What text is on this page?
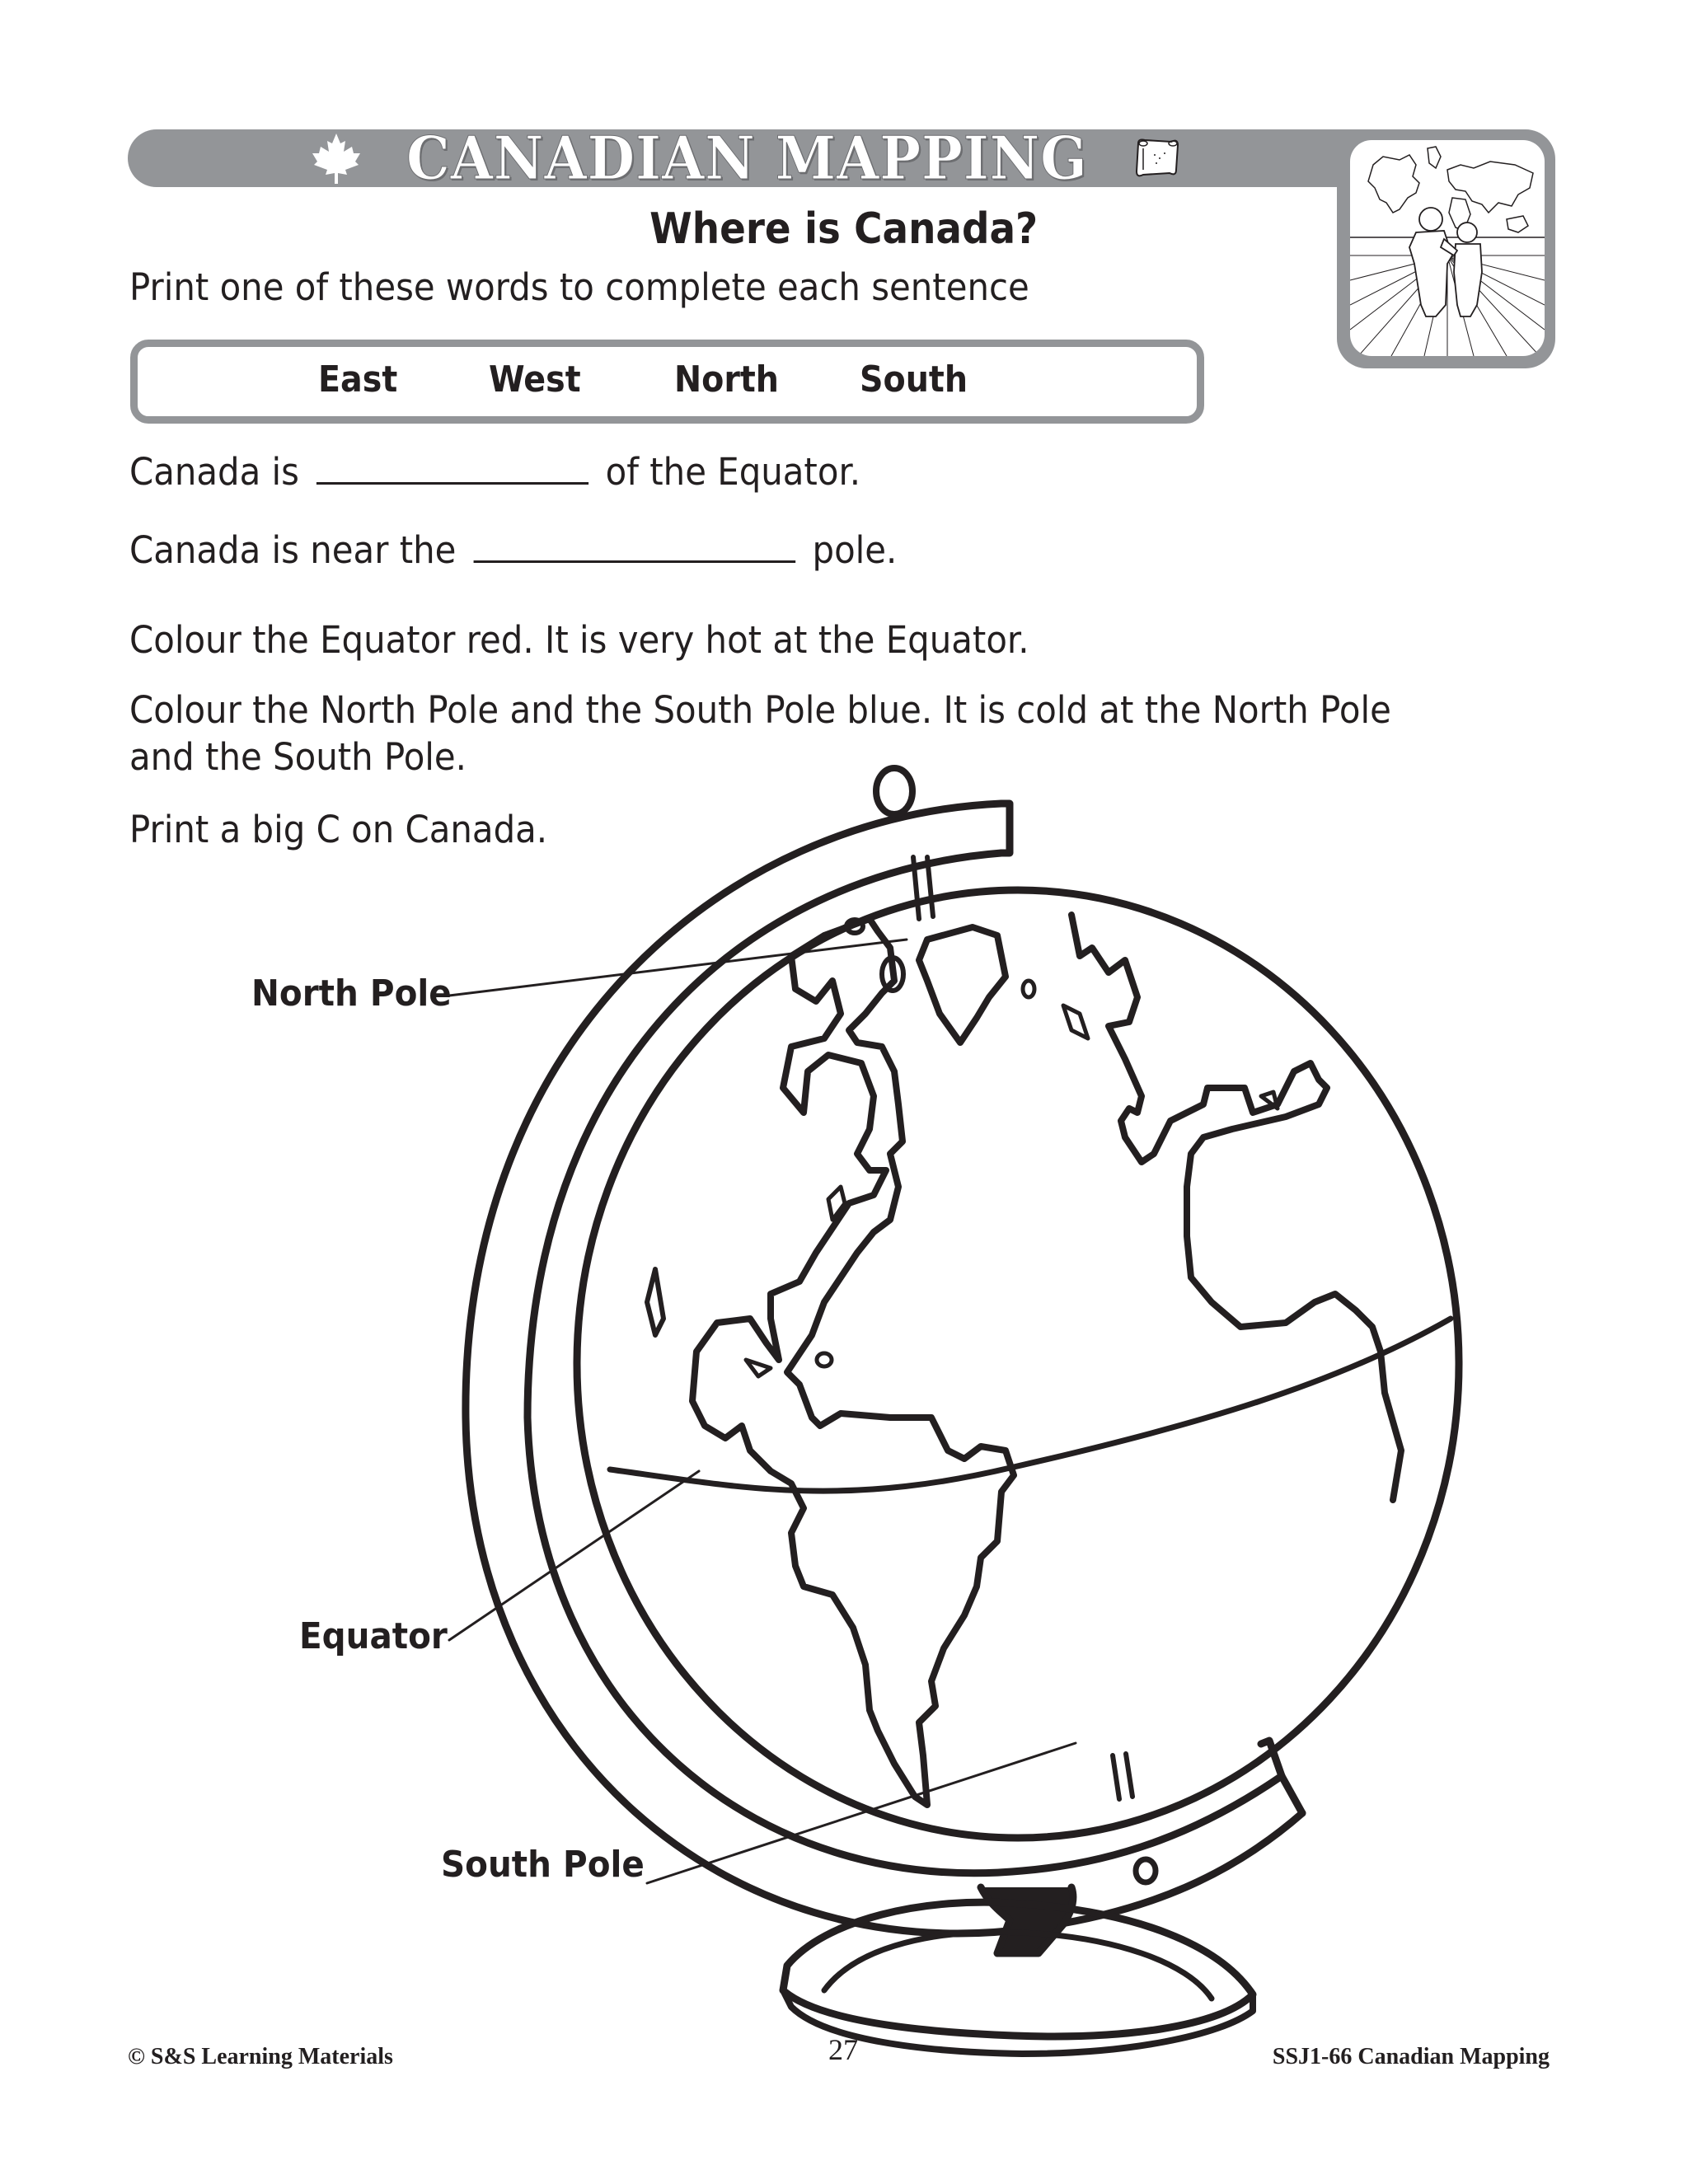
CANADIAN MAPPING
Where is Canada?
Print one of these words to complete each sentence
East	West	North South
Canada is	of the Equator.
Canada is near the	pole.
Colour the Equator red. It is very hot at the Equator.
Colour the North Pole and the South Pole blue. It is cold at the North Pole
and the South Pole.
Print a big C on Canada.
North Pole
Equator
South Pole
© S&S Learning Materials	27	SSJ1-66 Canadian Mapping
